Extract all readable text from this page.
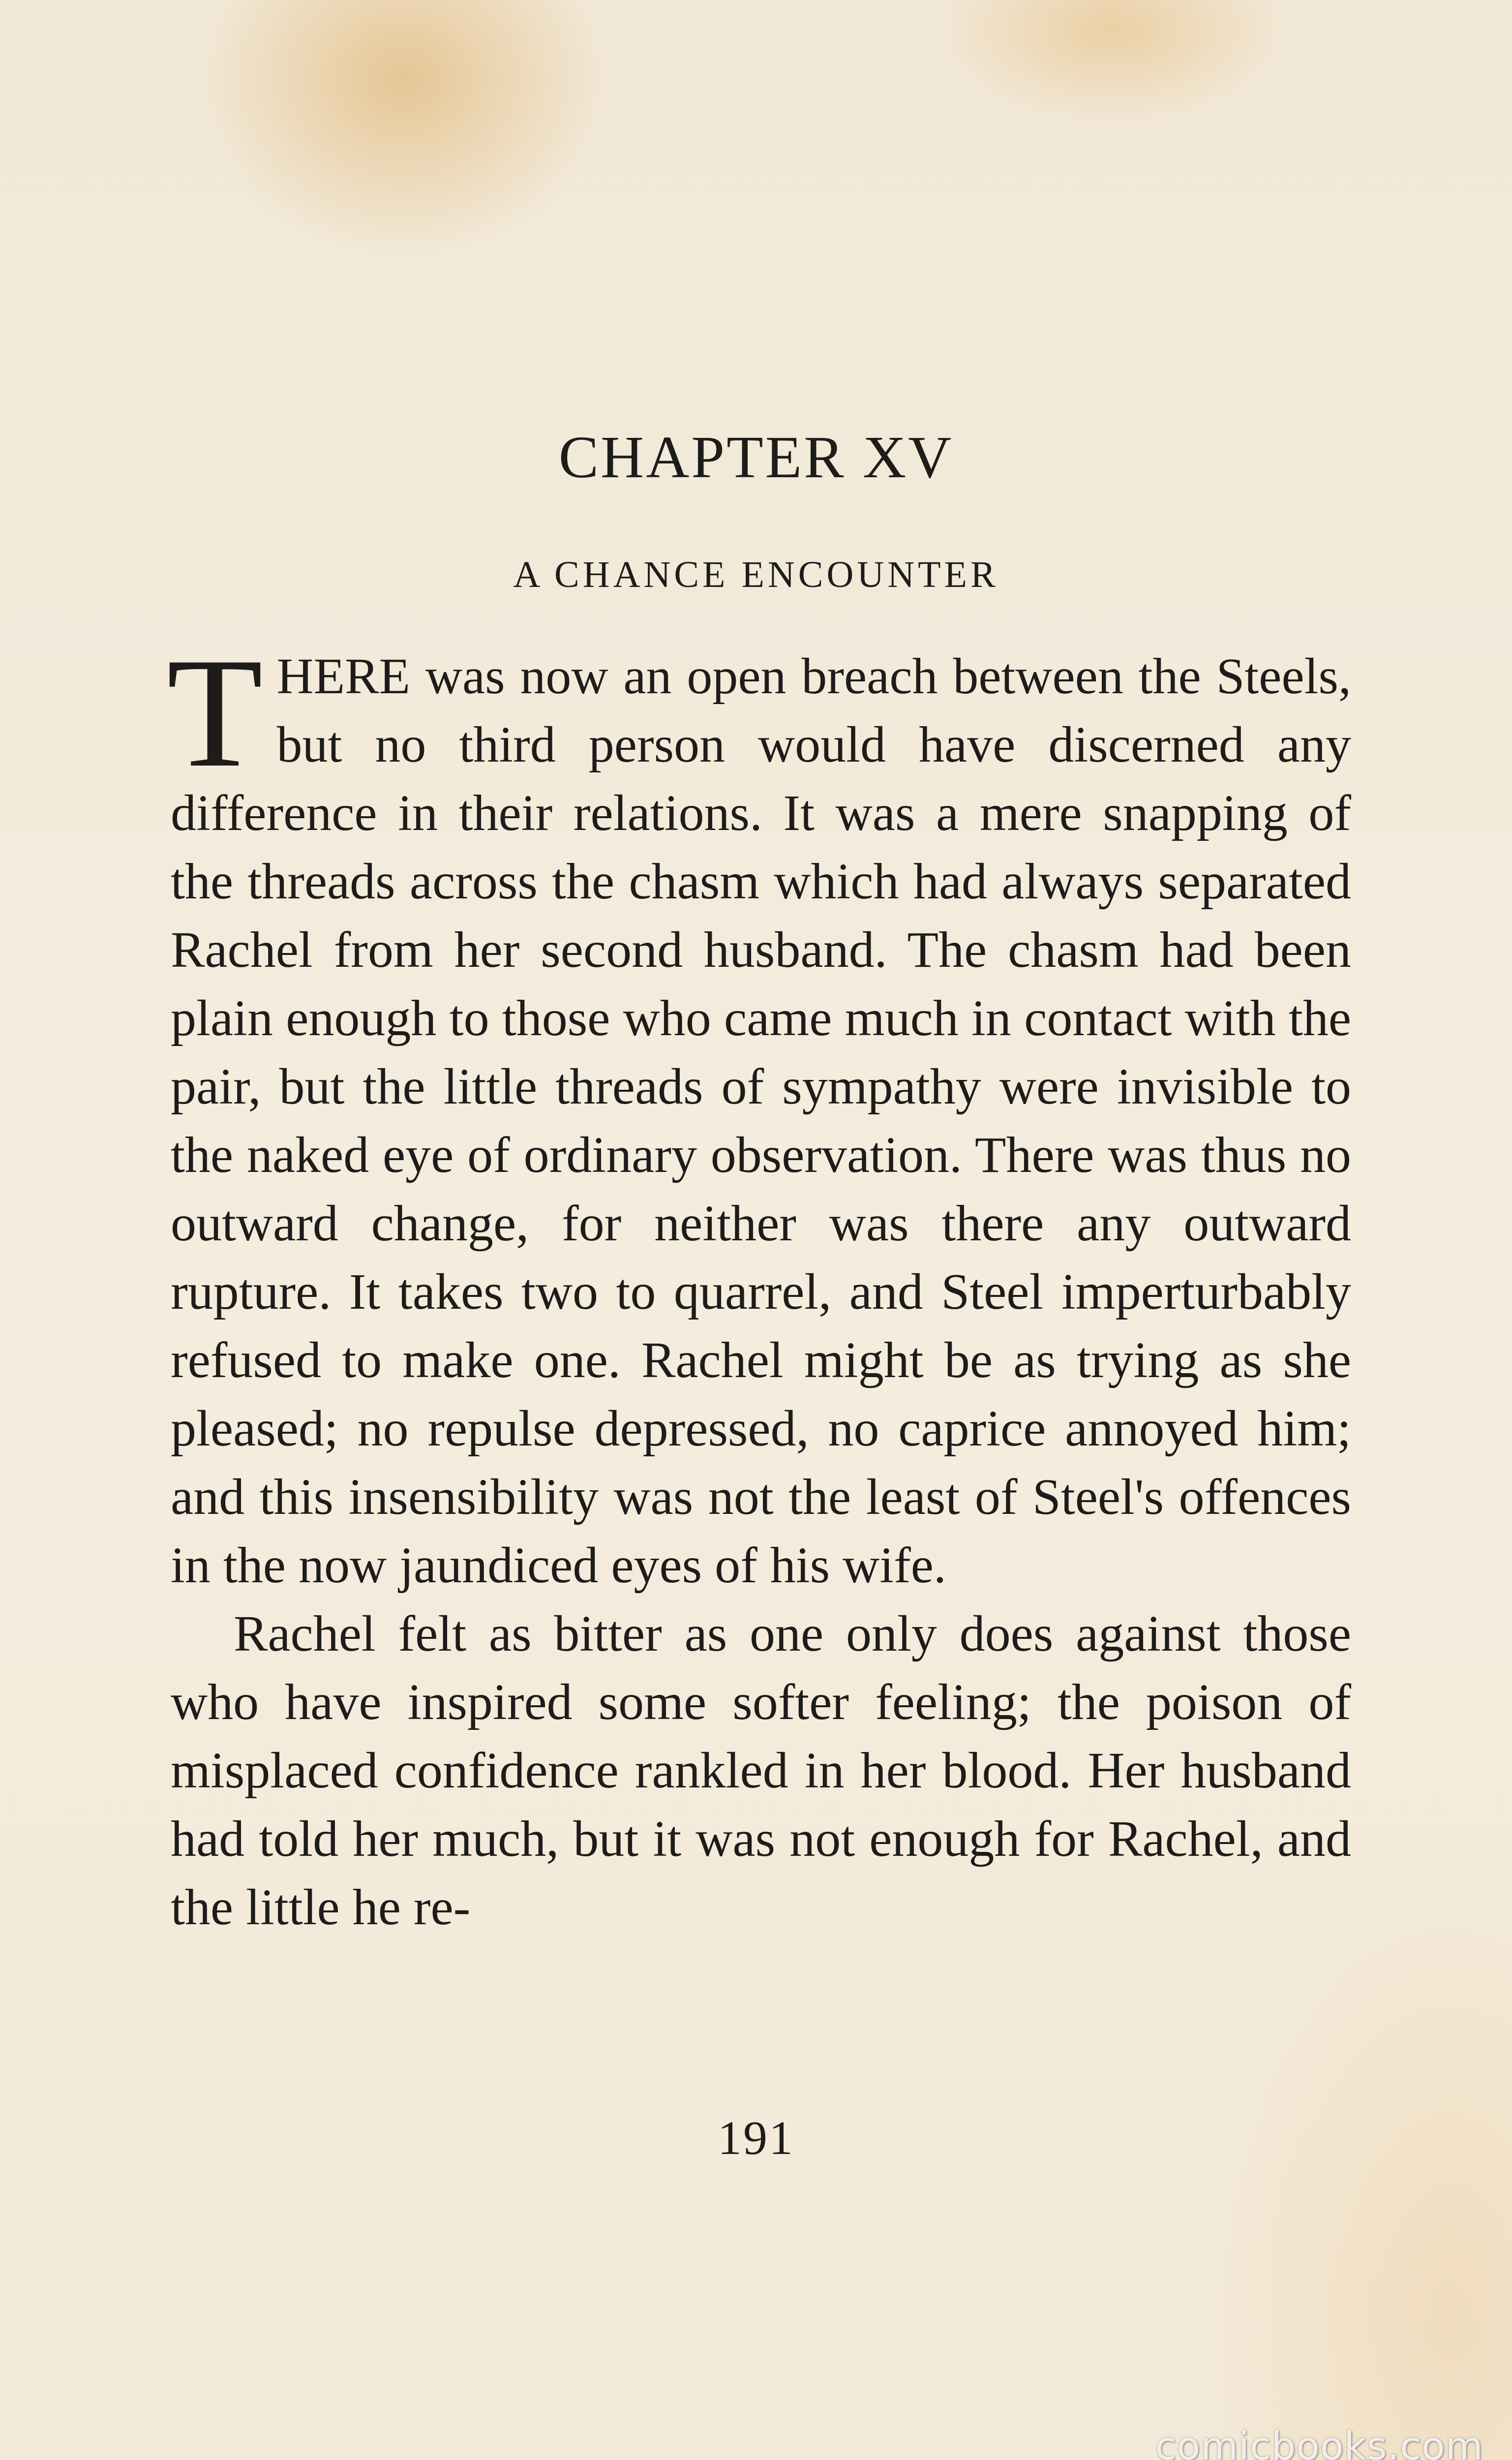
CHAPTER XV
A CHANCE ENCOUNTER

THERE was now an open breach between the Steels, but no third person would have discerned any difference in their relations. It was a mere snapping of the threads across the chasm which had always separated Rachel from her second husband. The chasm had been plain enough to those who came much in contact with the pair, but the little threads of sympathy were invisible to the naked eye of ordinary observation. There was thus no outward change, for neither was there any outward rupture. It takes two to quarrel, and Steel imperturbably refused to make one. Rachel might be as trying as she pleased; no repulse depressed, no caprice annoyed him; and this insensibility was not the least of Steel's offences in the now jaundiced eyes of his wife.

Rachel felt as bitter as one only does against those who have inspired some softer feeling; the poison of misplaced confidence rankled in her blood. Her husband had told her much, but it was not enough for Rachel, and the little he re-

191
comicbooks.com
